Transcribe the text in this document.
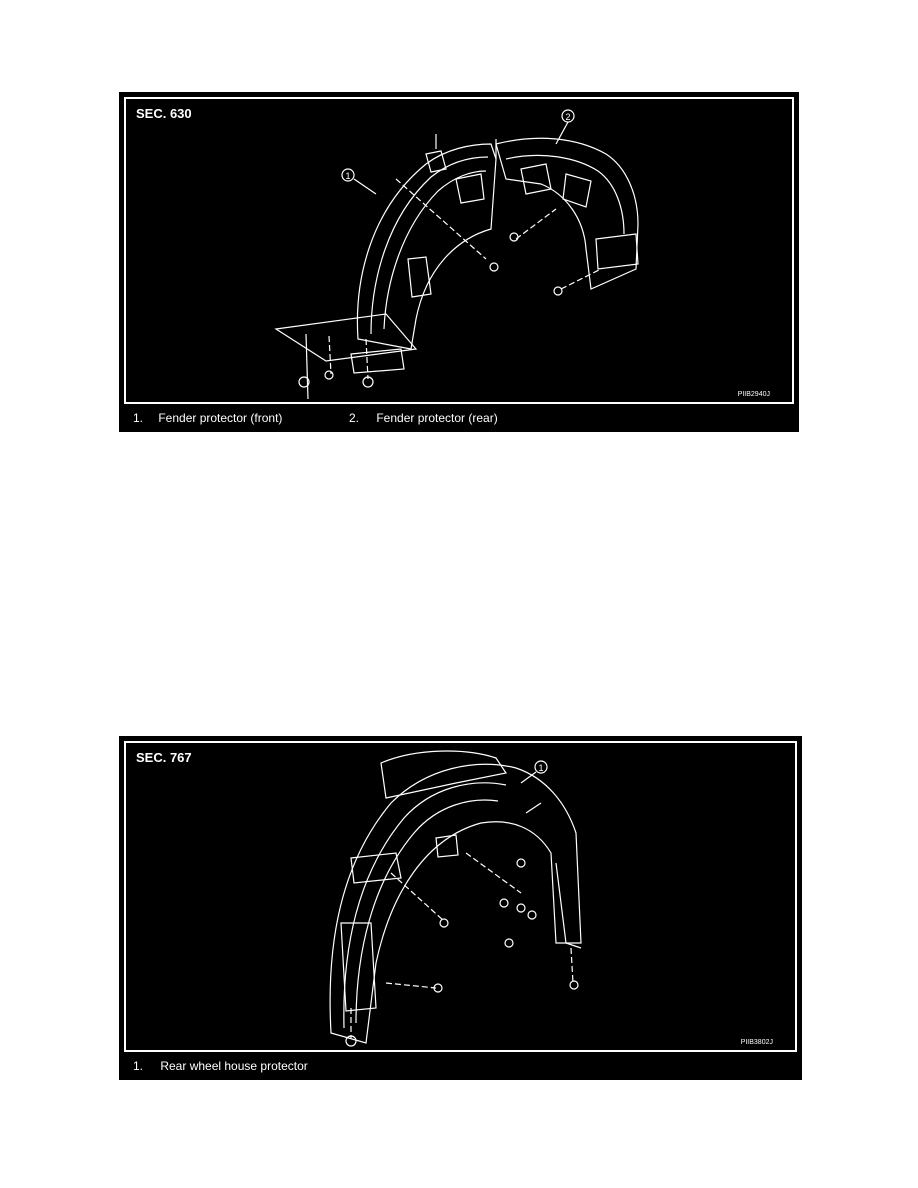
SEC. 630
1
2
PIIB2940J
1. Fender protector (front)	2. Fender protector (rear)
SEC. 767
1
PIIB3802J
1. Rear wheel house protector
